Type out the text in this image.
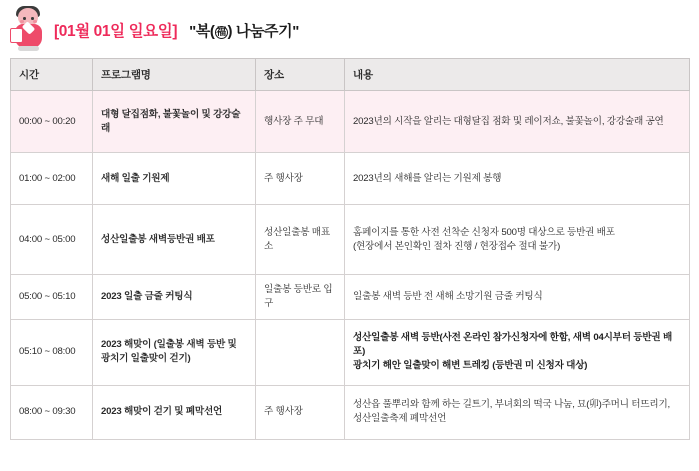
[01월 01일 일요일] "복( 福 ) 나눔주기"
시간	프로그램명	장소	내용
00:00 ~ 00:20	대형 달집점화, 불꽃놀이 및 강강술래	행사장 주 무대	2023년의 시작을 알리는 대형달집 점화 및 레이저쇼, 불꽃놀이, 강강술래 공연

01:00 ~ 02:00	새해 일출 기원제	주 행사장	2023년의 새해를 알리는 기원제 봉행

04:00 ~ 05:00	성산일출봉 새벽등반권 배포	성산일출봉 매표소	홈페이지를 통한 사전 선착순 신청자 500명 대상으로 등반권 배포
(현장에서 본인확인 절차 진행 / 현장접수 절대 불가)

05:00 ~ 05:10	2023 일출 금줄 커팅식	일출봉 등반로 입구	일출봉 새벽 등반 전 새해 소망기원 금줄 커팅식

05:10 ~ 08:00	2023 해맞이 (일출봉 새벽 등반 및 광치기 일출맞이 걷기)		성산일출봉 새벽 등반(사전 온라인 참가신청자에 한함, 새벽 04시부터 등반권 배포)
광치기 해안 일출맞이 해변 트레킹 (등반권 미 신청자 대상)

08:00 ~ 09:30	2023 해맞이 걷기 및 폐막선언	주 행사장	성산읍 풀뿌리와 함께 하는 길트기, 부녀회의 떡국 나눔, 묘(卯)주머니 터뜨리기, 성산일출축제 폐막선언
